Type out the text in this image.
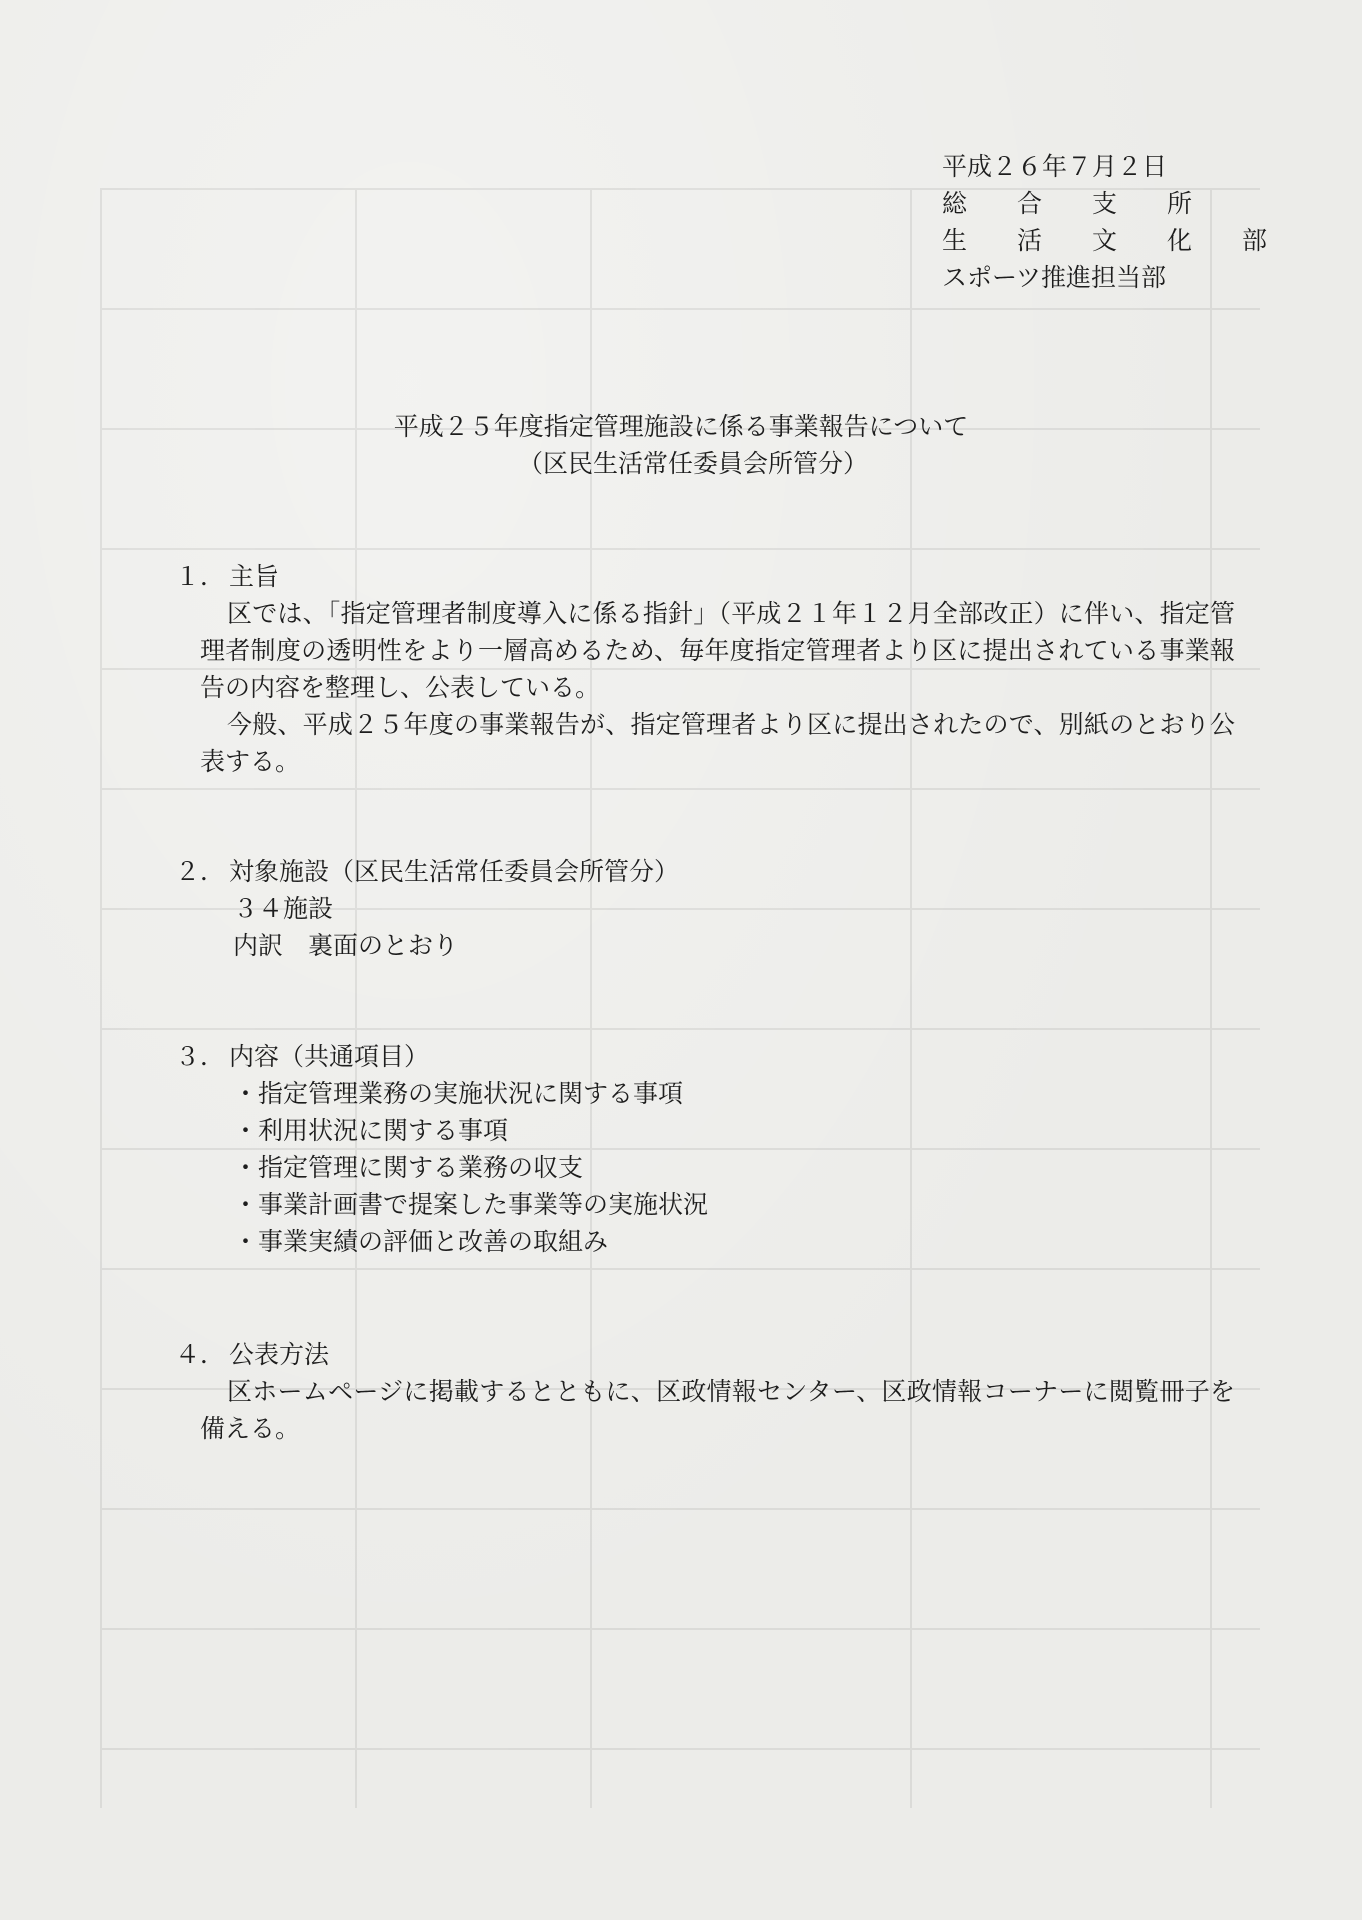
平成２６年７月２日
総　　合　　支　　所
生　　活　　文　　化　　部
スポーツ推進担当部
平成２５年度指定管理施設に係る事業報告について
（区民生活常任委員会所管分）
１． 主旨

区では、「指定管理者制度導入に係る指針」（平成２１年１２月全部改正）に伴い、指定管理者制度の透明性をより一層高めるため、毎年度指定管理者より区に提出されている事業報告の内容を整理し、公表している。

今般、平成２５年度の事業報告が、指定管理者より区に提出されたので、別紙のとおり公表する。

２． 対象施設（区民生活常任委員会所管分）
３４施設
内訳　裏面のとおり
３． 内容（共通項目）
・ 指定管理業務の実施状況に関する事項
・ 利用状況に関する事項
・ 指定管理に関する業務の収支
・ 事業計画書で提案した事業等の実施状況
・ 事業実績の評価と改善の取組み
４． 公表方法

区ホームページに掲載するとともに、区政情報センター、区政情報コーナーに閲覧冊子を備える。
